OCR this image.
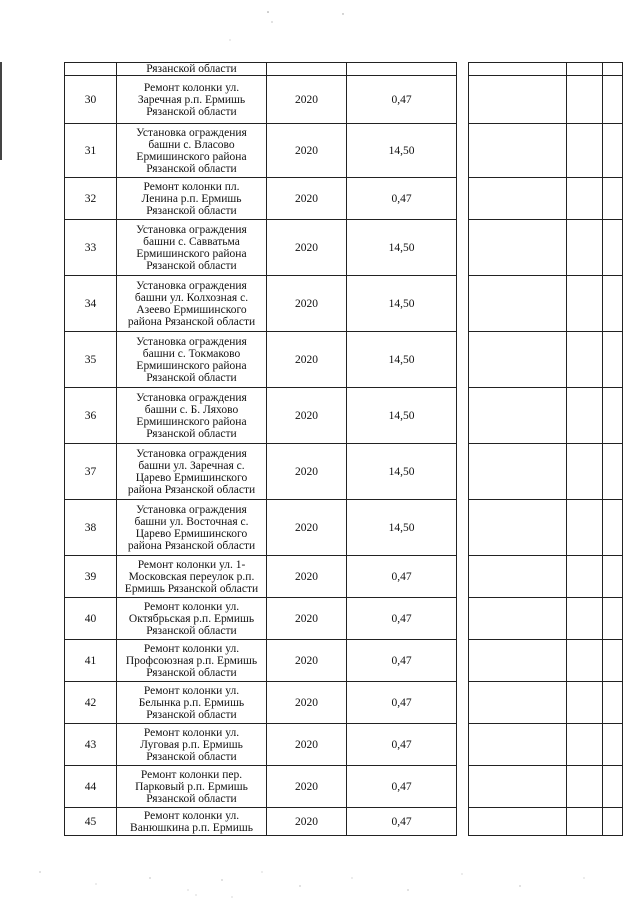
	Рязанской области						

30	Ремонт колонки ул.
Заречная р.п. Ермишь
Рязанской области	2020	0,47				
31	Установка ограждения
башни с. Власово
Ермишинского района
Рязанской области	2020	14,50				
32	Ремонт колонки пл.
Ленина р.п. Ермишь
Рязанской области	2020	0,47				
33	Установка ограждения
башни с. Савватьма
Ермишинского района
Рязанской области	2020	14,50				
34	Установка ограждения
башни ул. Колхозная с.
Азеево Ермишинского
района Рязанской области	2020	14,50				
35	Установка ограждения
башни с. Токмаково
Ермишинского района
Рязанской области	2020	14,50				
36	Установка ограждения
башни с. Б. Ляхово
Ермишинского района
Рязанской области	2020	14,50				
37	Установка ограждения
башни ул. Заречная с.
Царево Ермишинского
района Рязанской области	2020	14,50				
38	Установка ограждения
башни ул. Восточная с.
Царево Ермишинского
района Рязанской области	2020	14,50				
39	Ремонт колонки ул. 1-
Московская переулок р.п.
Ермишь Рязанской области	2020	0,47				
40	Ремонт колонки ул.
Октябрьская р.п. Ермишь
Рязанской области	2020	0,47				
41	Ремонт колонки ул.
Профсоюзная р.п. Ермишь
Рязанской области	2020	0,47				
42	Ремонт колонки ул.
Белынка р.п. Ермишь
Рязанской области	2020	0,47				
43	Ремонт колонки ул.
Луговая р.п. Ермишь
Рязанской области	2020	0,47				
44	Ремонт колонки пер.
Парковый р.п. Ермишь
Рязанской области	2020	0,47				
45	Ремонт колонки ул.
Ванюшкина р.п. Ермишь	2020	0,47				
